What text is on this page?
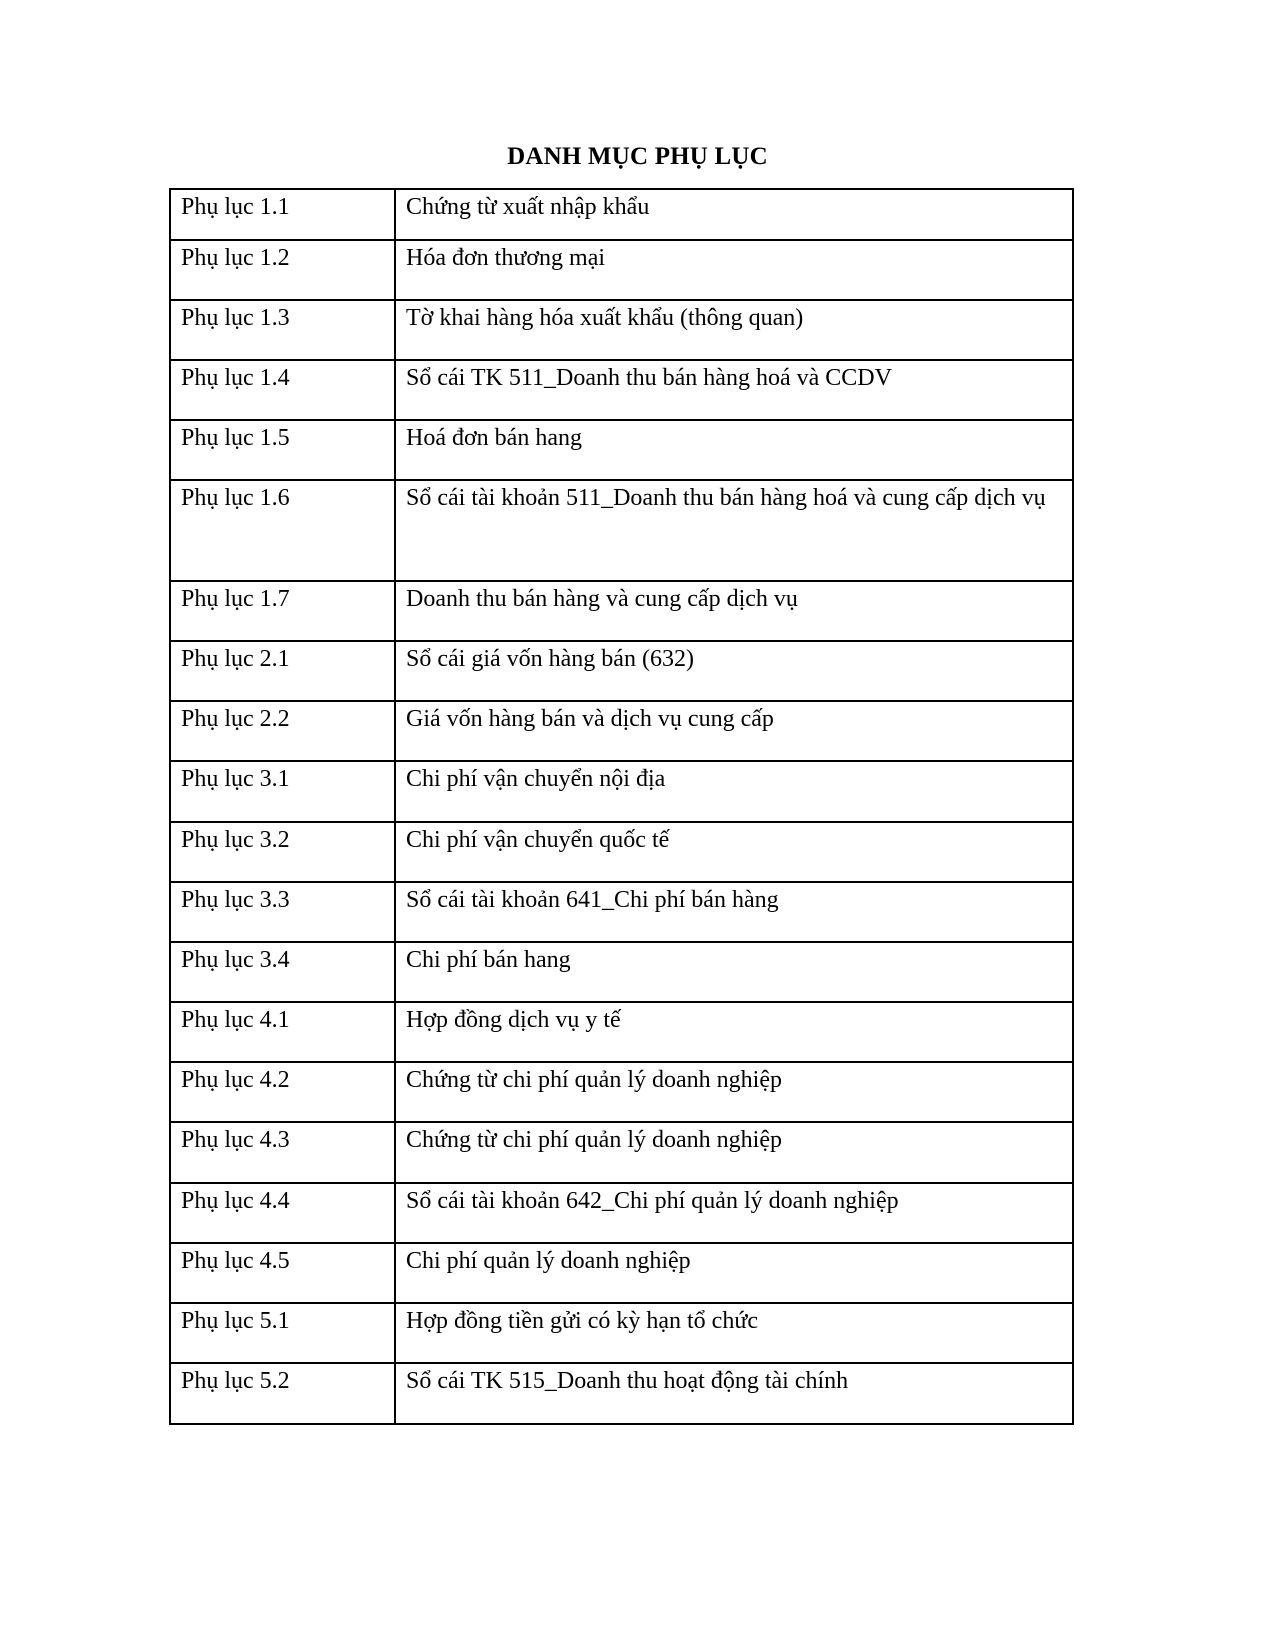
DANH MỤC PHỤ LỤC
Phụ lục 1.1	Chứng từ xuất nhập khẩu

Phụ lục 1.2	Hóa đơn thương mại

Phụ lục 1.3	Tờ khai hàng hóa xuất khẩu (thông quan)

Phụ lục 1.4	Sổ cái TK 511_Doanh thu bán hàng hoá và CCDV

Phụ lục 1.5	Hoá đơn bán hang

Phụ lục 1.6	Sổ cái tài khoản 511_Doanh thu bán hàng hoá và cung cấp dịch vụ

Phụ lục 1.7	Doanh thu bán hàng và cung cấp dịch vụ

Phụ lục 2.1	Sổ cái giá vốn hàng bán (632)

Phụ lục 2.2	Giá vốn hàng bán và dịch vụ cung cấp

Phụ lục 3.1	Chi phí vận chuyển nội địa

Phụ lục 3.2	Chi phí vận chuyển quốc tế

Phụ lục 3.3	Sổ cái tài khoản 641_Chi phí bán hàng

Phụ lục 3.4	Chi phí bán hang

Phụ lục 4.1	Hợp đồng dịch vụ y tế

Phụ lục 4.2	Chứng từ chi phí quản lý doanh nghiệp

Phụ lục 4.3	Chứng từ chi phí quản lý doanh nghiệp

Phụ lục 4.4	Sổ cái tài khoản 642_Chi phí quản lý doanh nghiệp

Phụ lục 4.5	Chi phí quản lý doanh nghiệp

Phụ lục 5.1	Hợp đồng tiền gửi có kỳ hạn tổ chức

Phụ lục 5.2	Sổ cái TK 515_Doanh thu hoạt động tài chính
